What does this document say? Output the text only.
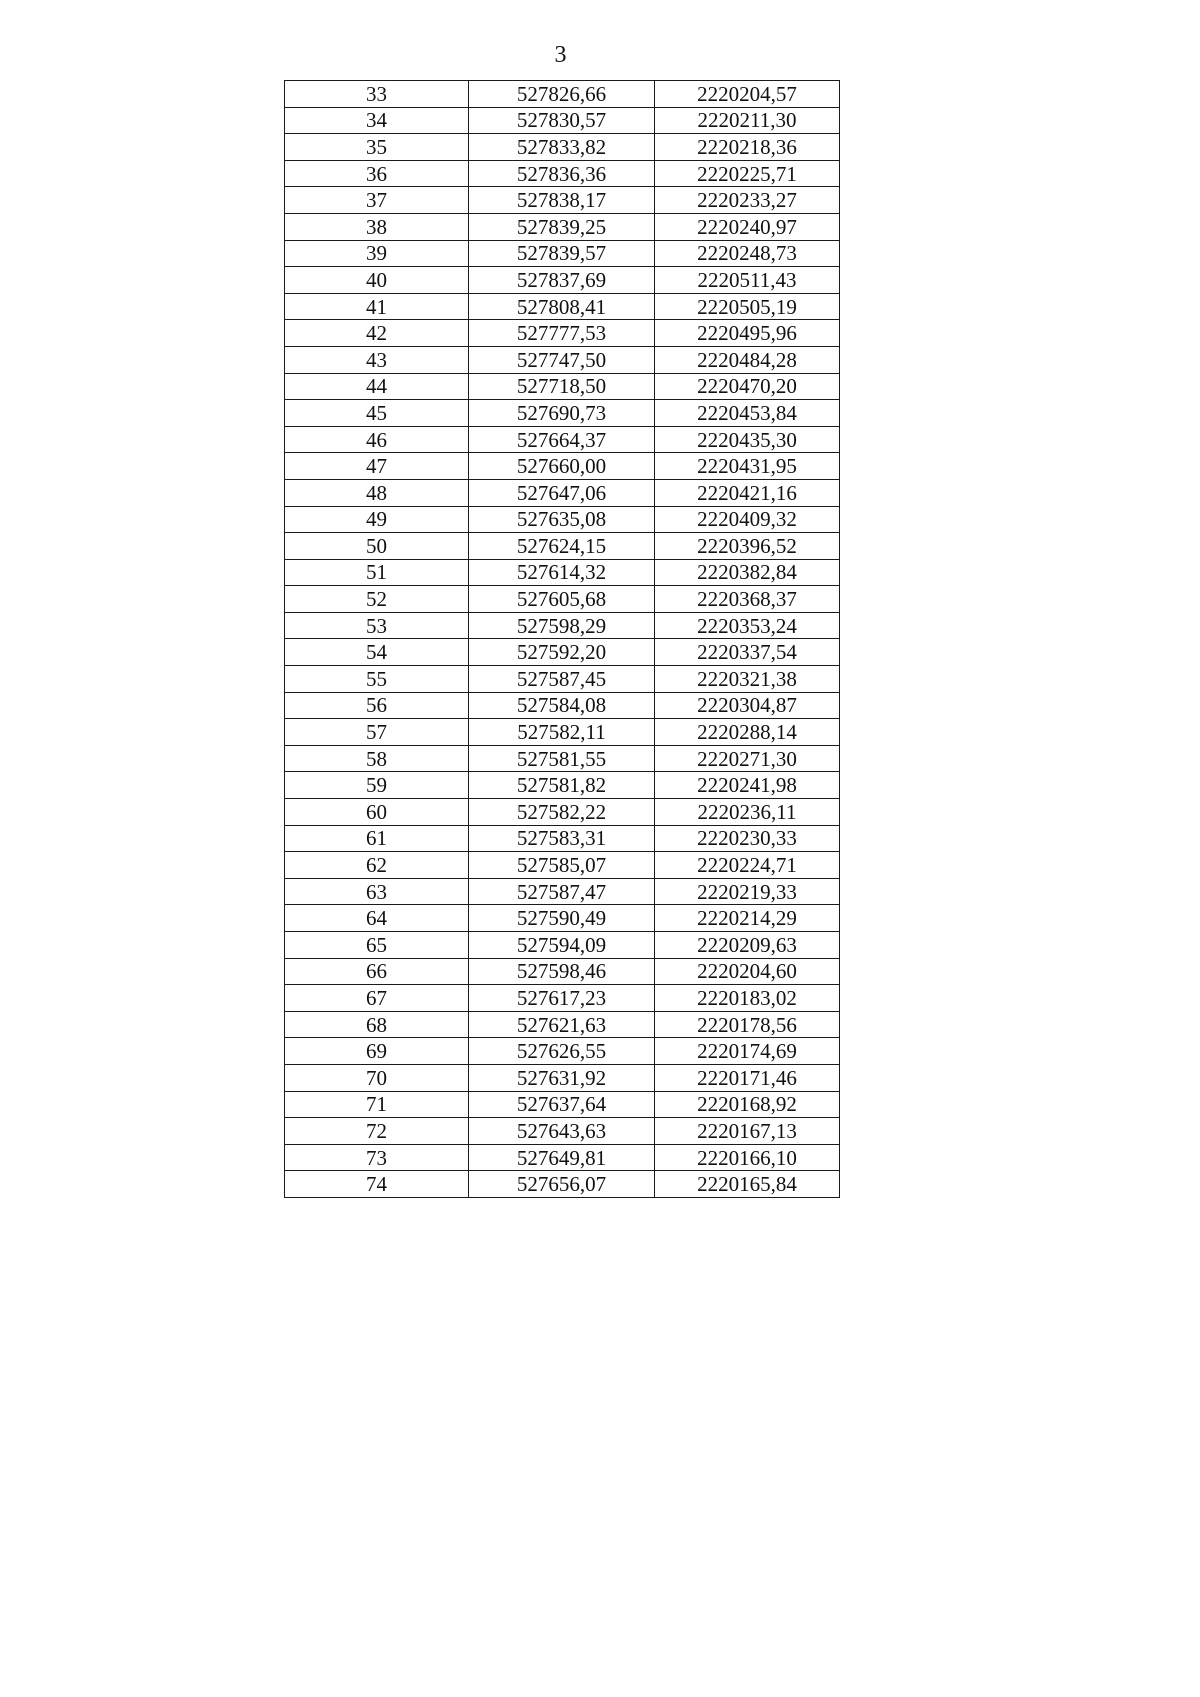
3
33	527826,66	2220204,57
34	527830,57	2220211,30
35	527833,82	2220218,36
36	527836,36	2220225,71
37	527838,17	2220233,27
38	527839,25	2220240,97
39	527839,57	2220248,73
40	527837,69	2220511,43
41	527808,41	2220505,19
42	527777,53	2220495,96
43	527747,50	2220484,28
44	527718,50	2220470,20
45	527690,73	2220453,84
46	527664,37	2220435,30
47	527660,00	2220431,95
48	527647,06	2220421,16
49	527635,08	2220409,32
50	527624,15	2220396,52
51	527614,32	2220382,84
52	527605,68	2220368,37
53	527598,29	2220353,24
54	527592,20	2220337,54
55	527587,45	2220321,38
56	527584,08	2220304,87
57	527582,11	2220288,14
58	527581,55	2220271,30
59	527581,82	2220241,98
60	527582,22	2220236,11
61	527583,31	2220230,33
62	527585,07	2220224,71
63	527587,47	2220219,33
64	527590,49	2220214,29
65	527594,09	2220209,63
66	527598,46	2220204,60
67	527617,23	2220183,02
68	527621,63	2220178,56
69	527626,55	2220174,69
70	527631,92	2220171,46
71	527637,64	2220168,92
72	527643,63	2220167,13
73	527649,81	2220166,10
74	527656,07	2220165,84
